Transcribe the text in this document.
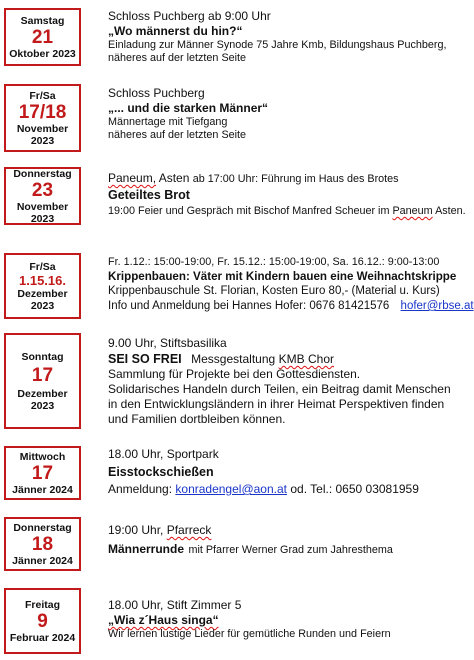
Samstag
21
Oktober 2023
Schloss Puchberg ab 9:00 Uhr
„Wo männerst du hin?“
Einladung zur Männer Synode 75 Jahre Kmb, Bildungshaus Puchberg,
näheres auf der letzten Seite
Fr/Sa
17/18
November
2023
Schloss Puchberg
„... und die starken Männer“
Männertage mit Tiefgang
näheres auf der letzten Seite
Donnerstag
23
November 2023
Paneum, Asten ab 17:00 Uhr: Führung im Haus des Brotes
Geteiltes Brot
19:00 Feier und Gespräch mit Bischof Manfred Scheuer im Paneum Asten.
Fr/Sa
1.15.16.
Dezember 2023
Fr. 1.12.: 15:00-19:00, Fr. 15.12.: 15:00-19:00, Sa. 16.12.: 9:00-13:00
Krippenbauen: Väter mit Kindern bauen eine Weihnachtskrippe
Krippenbauschule St. Florian, Kosten Euro 80,- (Material u. Kurs)
Info und Anmeldung bei Hannes Hofer: 0676 81421576 hofer@rbse.at
Sonntag
17
Dezember 2023
9.00 Uhr, Stiftsbasilika
SEI SO FREI Messgestaltung KMB Chor
Sammlung für Projekte bei den Gottesdiensten.
Solidarisches Handeln durch Teilen, ein Beitrag damit Menschen
in den Entwicklungsländern in ihrer Heimat Perspektiven finden
und Familien dortbleiben können.
Mittwoch
17
Jänner 2024
18.00 Uhr, Sportpark
Eisstockschießen
Anmeldung: konradengel@aon.at od. Tel.: 0650 03081959
Donnerstag
18
Jänner 2024
19:00 Uhr, Pfarreck
Männerrunde mit Pfarrer Werner Grad zum Jahresthema
Freitag
9
Februar 2024
18.00 Uhr, Stift Zimmer 5
„Wia z´Haus singa“
Wir lernen lustige Lieder für gemütliche Runden und Feiern
